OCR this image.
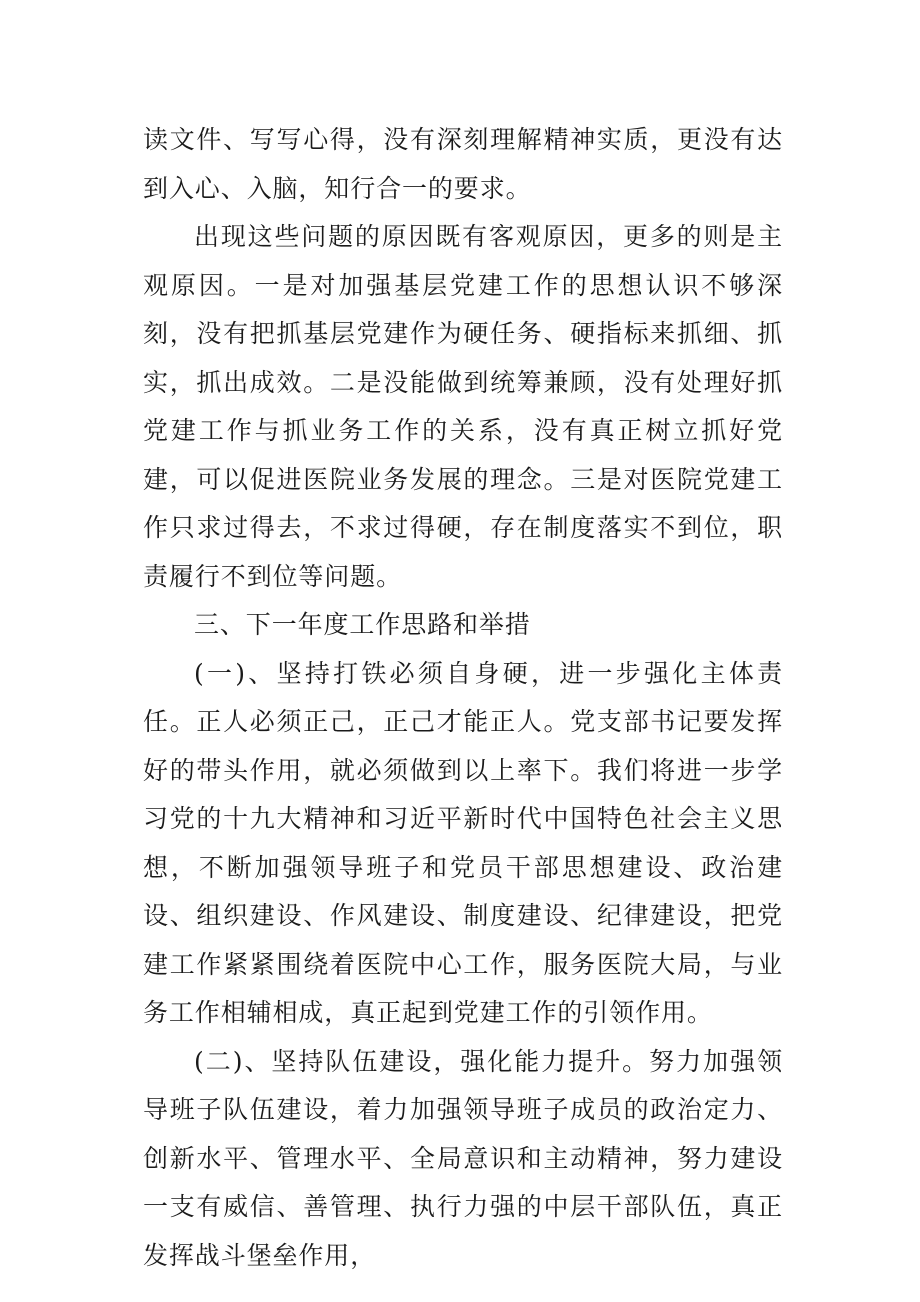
读文件、写写心得，没有深刻理解精神实质，更没有达到入心、入脑，知行合一的要求。

出现这些问题的原因既有客观原因，更多的则是主观原因。一是对加强基层党建工作的思想认识不够深刻，没有把抓基层党建作为硬任务、硬指标来抓细、抓实，抓出成效。二是没能做到统筹兼顾，没有处理好抓党建工作与抓业务工作的关系，没有真正树立抓好党建，可以促进医院业务发展的理念。三是对医院党建工作只求过得去，不求过得硬，存在制度落实不到位，职责履行不到位等问题。

三、下一年度工作思路和举措

(一)、坚持打铁必须自身硬，进一步强化主体责任。正人必须正己，正己才能正人。党支部书记要发挥好的带头作用，就必须做到以上率下。我们将进一步学习党的十九大精神和习近平新时代中国特色社会主义思想，不断加强领导班子和党员干部思想建设、政治建设、组织建设、作风建设、制度建设、纪律建设，把党建工作紧紧围绕着医院中心工作，服务医院大局，与业务工作相辅相成，真正起到党建工作的引领作用。

(二)、坚持队伍建设，强化能力提升。努力加强领导班子队伍建设，着力加强领导班子成员的政治定力、创新水平、管理水平、全局意识和主动精神，努力建设一支有威信、善管理、执行力强的中层干部队伍，真正发挥战斗堡垒作用，
